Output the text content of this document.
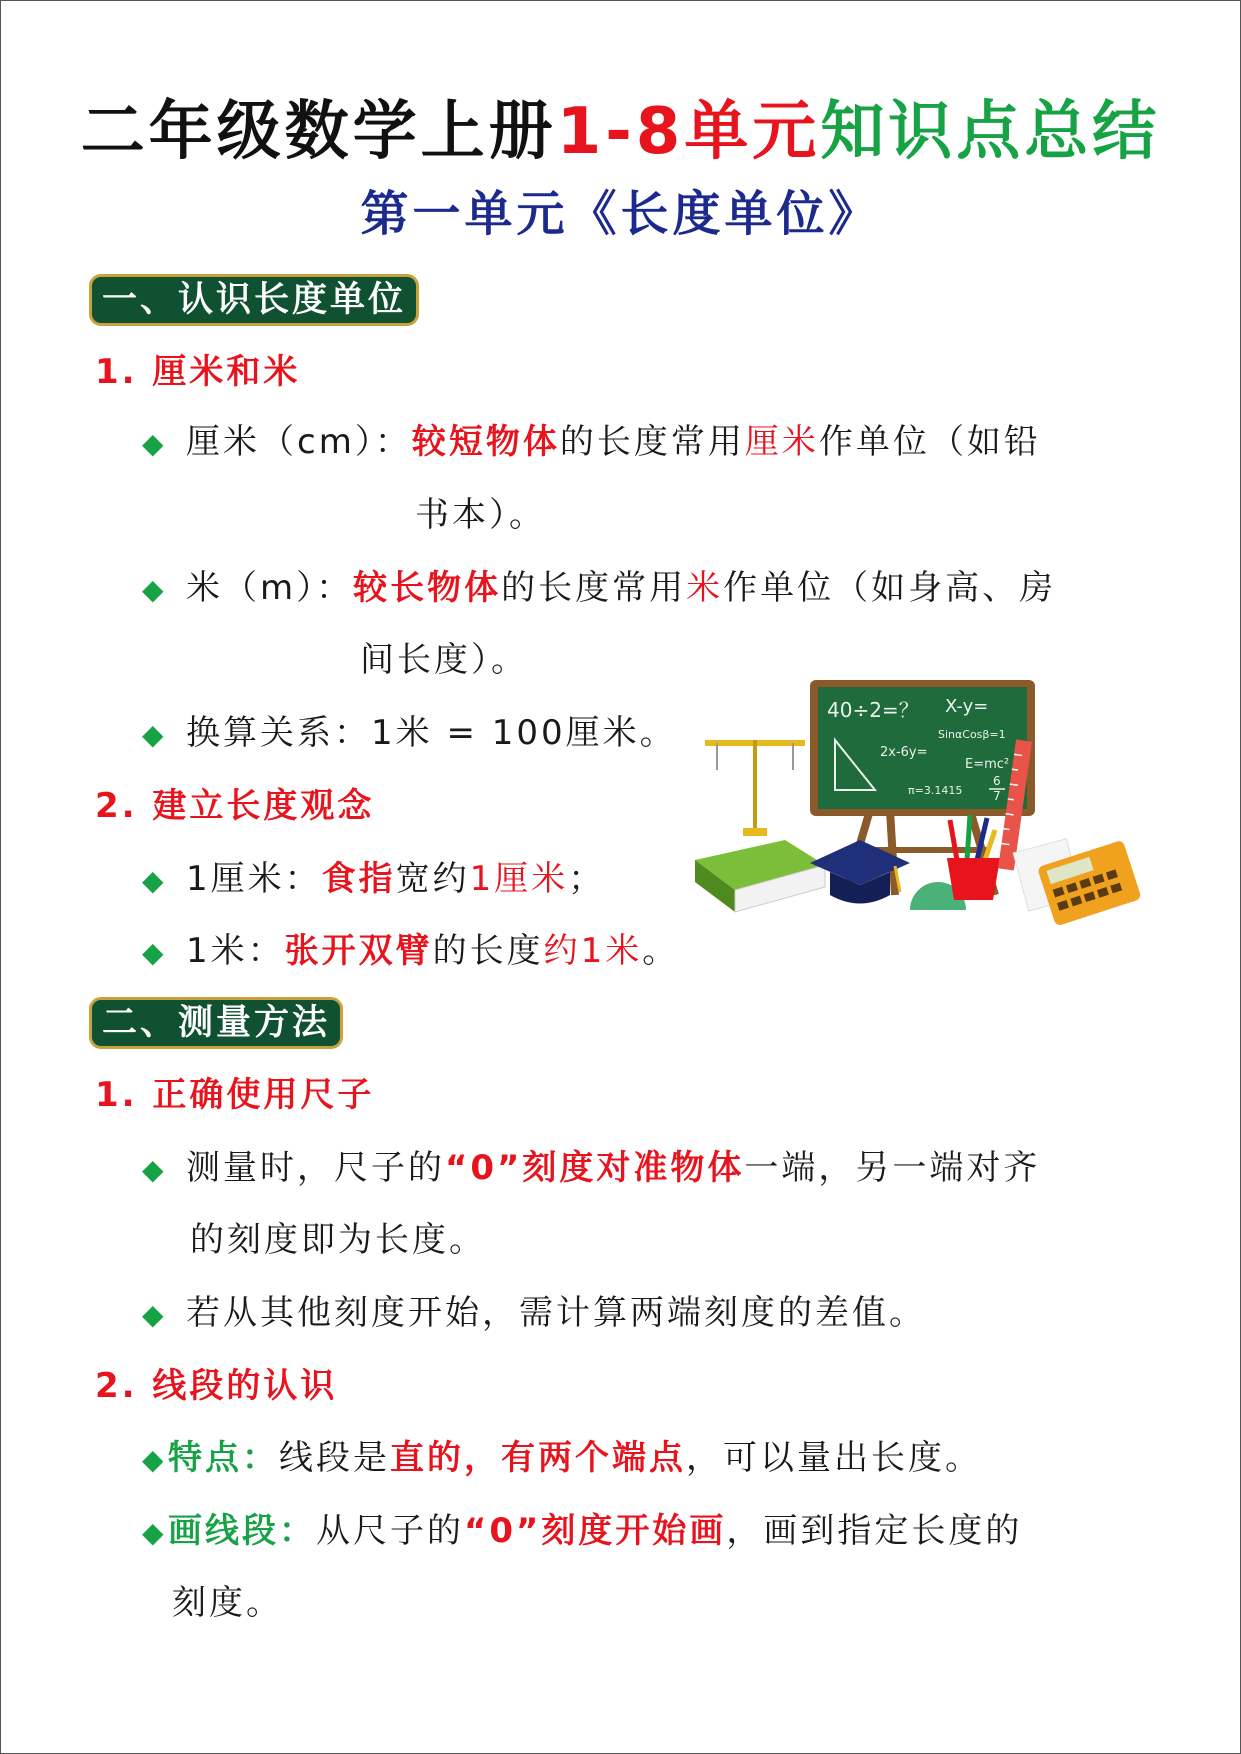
二年级数学上册1-8单元知识点总结
第一单元《长度单位》
一、认识长度单位
1. 厘米和米
◆ 厘米（cm）：较短物体的长度常用厘米作单位（如铅
书本）。
◆ 米（m）：较长物体的长度常用米作单位（如身高、房
间长度）。
◆ 换算关系：1米 = 100厘米。
2. 建立长度观念
◆ 1厘米：食指宽约1厘米；
◆ 1米：张开双臂的长度约1米。
40÷2=？ X-y=
SinαCosβ=1
2x-6y=
E=mc²
π=3.1415
6
7
二、测量方法
1. 正确使用尺子
◆ 测量时，尺子的“0”刻度对准物体一端，另一端对齐
的刻度即为长度。
◆ 若从其他刻度开始，需计算两端刻度的差值。
2. 线段的认识
◆特点：线段是直的，有两个端点，可以量出长度。
◆画线段：从尺子的“0”刻度开始画，画到指定长度的
刻度。
